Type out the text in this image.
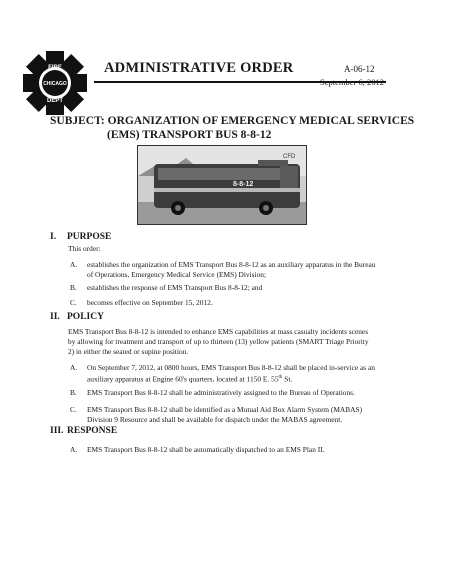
FIRE
CHICAGO
DEPT
ADMINISTRATIVE ORDER	A-06-12
September 6, 2012
SUBJECT: ORGANIZATION OF EMERGENCY MEDICAL SERVICES
(EMS) TRANSPORT BUS 8-8-12
CFD
8-8-12
I. PURPOSE
This order:
A. establishes the organization of EMS Transport Bus 8-8-12 as an auxiliary apparatus in the Bureau
of Operations, Emergency Medical Service (EMS) Division;
B. establishes the response of EMS Transport Bus 8-8-12; and
C. becomes effective on September 15, 2012.
II. POLICY
EMS Transport Bus 8-8-12 is intended to enhance EMS capabilities at mass casualty incidents scenes
by allowing for treatment and transport of up to thirteen (13) yellow patients (SMART Triage Priority
2) in either the seated or supine position.
A. On September 7, 2012, at 0800 hours, EMS Transport Bus 8-8-12 shall be placed in-service as an
auxiliary apparatus at Engine 60's quarters, located at 1150 E. 55th St.
B. EMS Transport Bus 8-8-12 shall be administratively assigned to the Bureau of Operations.
C. EMS Transport Bus 8-8-12 shall be identified as a Mutual Aid Box Alarm System (MABAS)
Division 9 Resource and shall be available for dispatch under the MABAS agreement.
III. RESPONSE
A. EMS Transport Bus 8-8-12 shall be automatically dispatched to an EMS Plan II.
